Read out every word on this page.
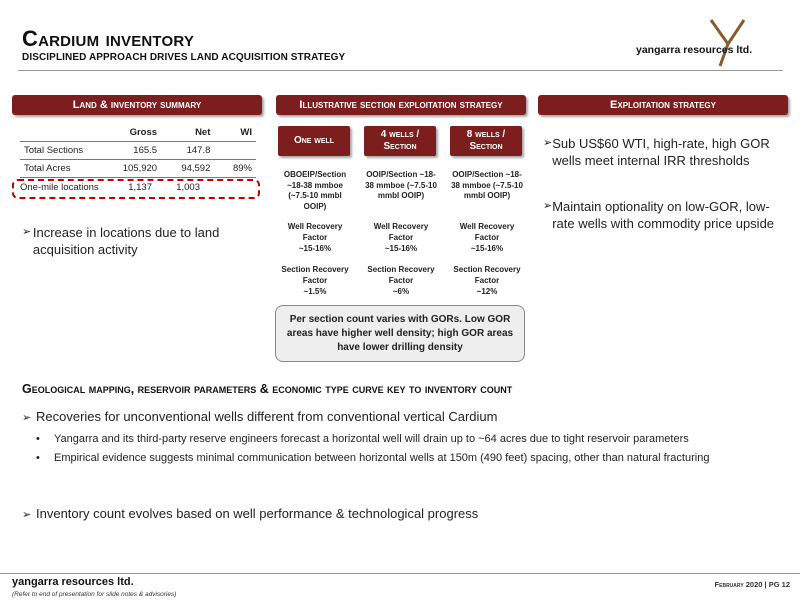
Cardium inventory
DISCIPLINED APPROACH DRIVES LAND ACQUISITION STRATEGY
yangarra resources ltd.
Land & inventory summary
	Gross	Net	WI
Total Sections	165.5	147.8	
Total Acres	105,920	94,592	89%
One-mile locations	1,137	1,003
➢ Increase in locations due to land acquisition activity
Illustrative section exploitation strategy
One well
4 wells / Section
8 wells / Section
OBOEIP/Section ~18-38 mmboe (~7.5-10 mmbl OOIP)
Well Recovery Factor
~15-16%
Section Recovery Factor
~1.5%
OOIP/Section ~18-38 mmboe (~7.5-10 mmbl OOIP)
Well Recovery Factor
~15-16%
Section Recovery Factor
~6%
OOIP/Section ~18-38 mmboe (~7.5-10 mmbl OOIP)
Well Recovery Factor
~15-16%
Section Recovery Factor
~12%
Per section count varies with GORs. Low GOR areas have higher well density; high GOR areas have lower drilling density
Exploitation strategy
➢ Sub US$60 WTI, high-rate, high GOR wells meet internal IRR thresholds
➢ Maintain optionality on low-GOR, low-rate wells with commodity price upside
Geological mapping, reservoir parameters & economic type curve key to inventory count
➢ Recoveries for unconventional wells different from conventional vertical Cardium
•	Yangarra and its third-party reserve engineers forecast a horizontal well will drain up to ~64 acres due to tight reservoir parameters
•	Empirical evidence suggests minimal communication between horizontal wells at 150m (490 feet) spacing, other than natural fracturing
➢ Inventory count evolves based on well performance & technological progress
yangarra resources ltd.
(Refer to end of presentation for slide notes & advisories)
February 2020 | PG 12
